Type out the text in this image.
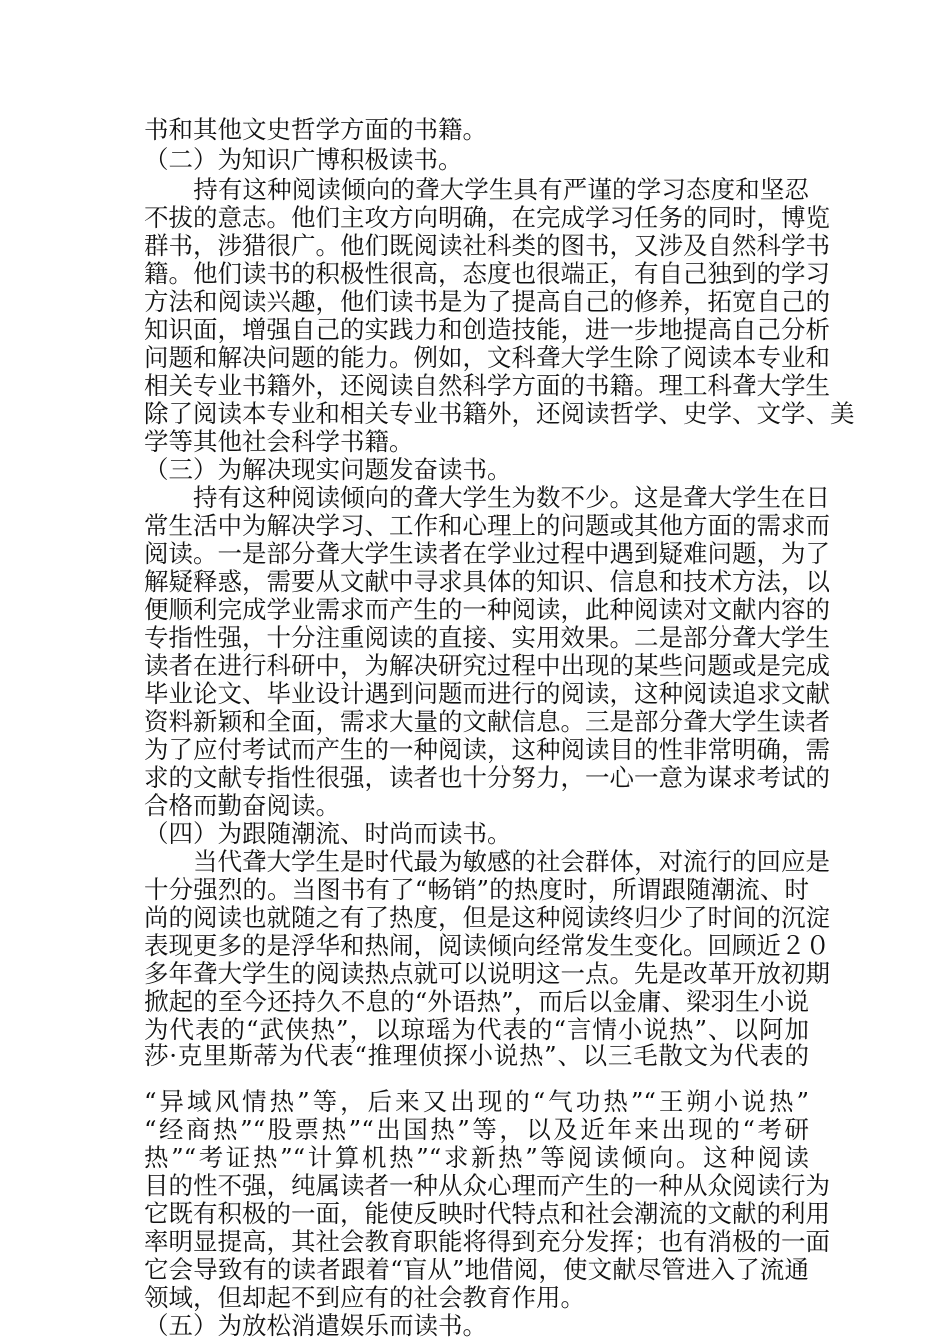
书和其他文史哲学方面的书籍。
（二）为知识广博积极读书。
　　持有这种阅读倾向的聋大学生具有严谨的学习态度和坚忍
不拔的意志。他们主攻方向明确，在完成学习任务的同时，博览
群书，涉猎很广。他们既阅读社科类的图书，又涉及自然科学书
籍。他们读书的积极性很高，态度也很端正，有自己独到的学习
方法和阅读兴趣，他们读书是为了提高自己的修养，拓宽自己的
知识面，增强自己的实践力和创造技能，进一步地提高自己分析
问题和解决问题的能力。例如，文科聋大学生除了阅读本专业和
相关专业书籍外，还阅读自然科学方面的书籍。理工科聋大学生
除了阅读本专业和相关专业书籍外，还阅读哲学、史学、文学、美
学等其他社会科学书籍。
（三）为解决现实问题发奋读书。
　　持有这种阅读倾向的聋大学生为数不少。这是聋大学生在日
常生活中为解决学习、工作和心理上的问题或其他方面的需求而
阅读。一是部分聋大学生读者在学业过程中遇到疑难问题，为了
解疑释惑，需要从文献中寻求具体的知识、信息和技术方法，以
便顺利完成学业需求而产生的一种阅读，此种阅读对文献内容的
专指性强，十分注重阅读的直接、实用效果。二是部分聋大学生
读者在进行科研中，为解决研究过程中出现的某些问题或是完成
毕业论文、毕业设计遇到问题而进行的阅读，这种阅读追求文献
资料新颖和全面，需求大量的文献信息。三是部分聋大学生读者
为了应付考试而产生的一种阅读，这种阅读目的性非常明确，需
求的文献专指性很强，读者也十分努力，一心一意为谋求考试的
合格而勤奋阅读。
（四）为跟随潮流、时尚而读书。
　　当代聋大学生是时代最为敏感的社会群体，对流行的回应是
十分强烈的。当图书有了“畅销”的热度时，所谓跟随潮流、时
尚的阅读也就随之有了热度，但是这种阅读终归少了时间的沉淀
表现更多的是浮华和热闹，阅读倾向经常发生变化。回顾近２０
多年聋大学生的阅读热点就可以说明这一点。先是改革开放初期
掀起的至今还持久不息的“外语热”，而后以金庸、梁羽生小说
为代表的“武侠热”，以琼瑶为代表的“言情小说热”、以阿加
莎·克里斯蒂为代表“推理侦探小说热”、以三毛散文为代表的
“异域风情热”等，后来又出现的“气功热”“王朔小说热”
“经商热”“股票热”“出国热”等，以及近年来出现的“考研
热”“考证热”“计算机热”“求新热”等阅读倾向。这种阅读
目的性不强，纯属读者一种从众心理而产生的一种从众阅读行为
它既有积极的一面，能使反映时代特点和社会潮流的文献的利用
率明显提高，其社会教育职能将得到充分发挥；也有消极的一面
它会导致有的读者跟着“盲从”地借阅，使文献尽管进入了流通
领域，但却起不到应有的社会教育作用。
（五）为放松消遣娱乐而读书。
